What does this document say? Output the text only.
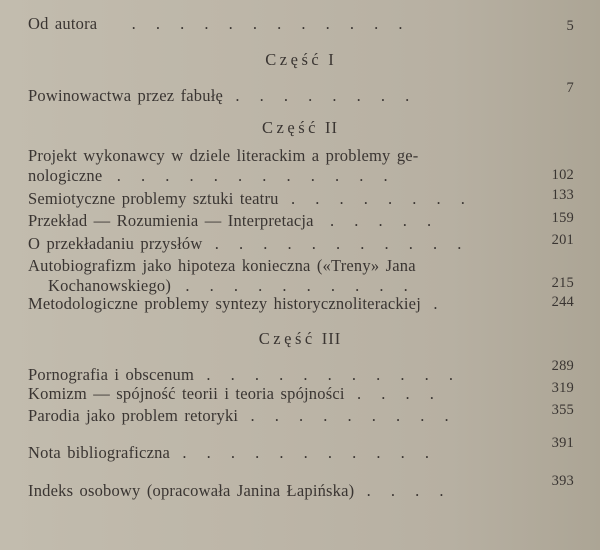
Od autora . . . . . . . . . . . .	5
Część I
Powinowactwa przez fabułę . . . . . . . .	7
Część II
Projekt wykonawcy w dziele literackim a problemy ge-
nologiczne . . . . . . . . . . . .	102
Semiotyczne problemy sztuki teatru . . . . . . . .	133
Przekład — Rozumienia — Interpretacja . . . . .	159
O przekładaniu przysłów . . . . . . . . . . .	201
Autobiografizm jako hipoteza konieczna («Treny» Jana
Kochanowskiego) . . . . . . . . . .	215
Metodologiczne problemy syntezy historycznoliterackiej .	244
Część III
Pornografia i obscenum . . . . . . . . . . .	289
Komizm — spójność teorii i teoria spójności . . . .	319
Parodia jako problem retoryki . . . . . . . . .	355
Nota bibliograficzna . . . . . . . . . . .	391
Indeks osobowy (opracowała Janina Łapińska) . . . .	393
